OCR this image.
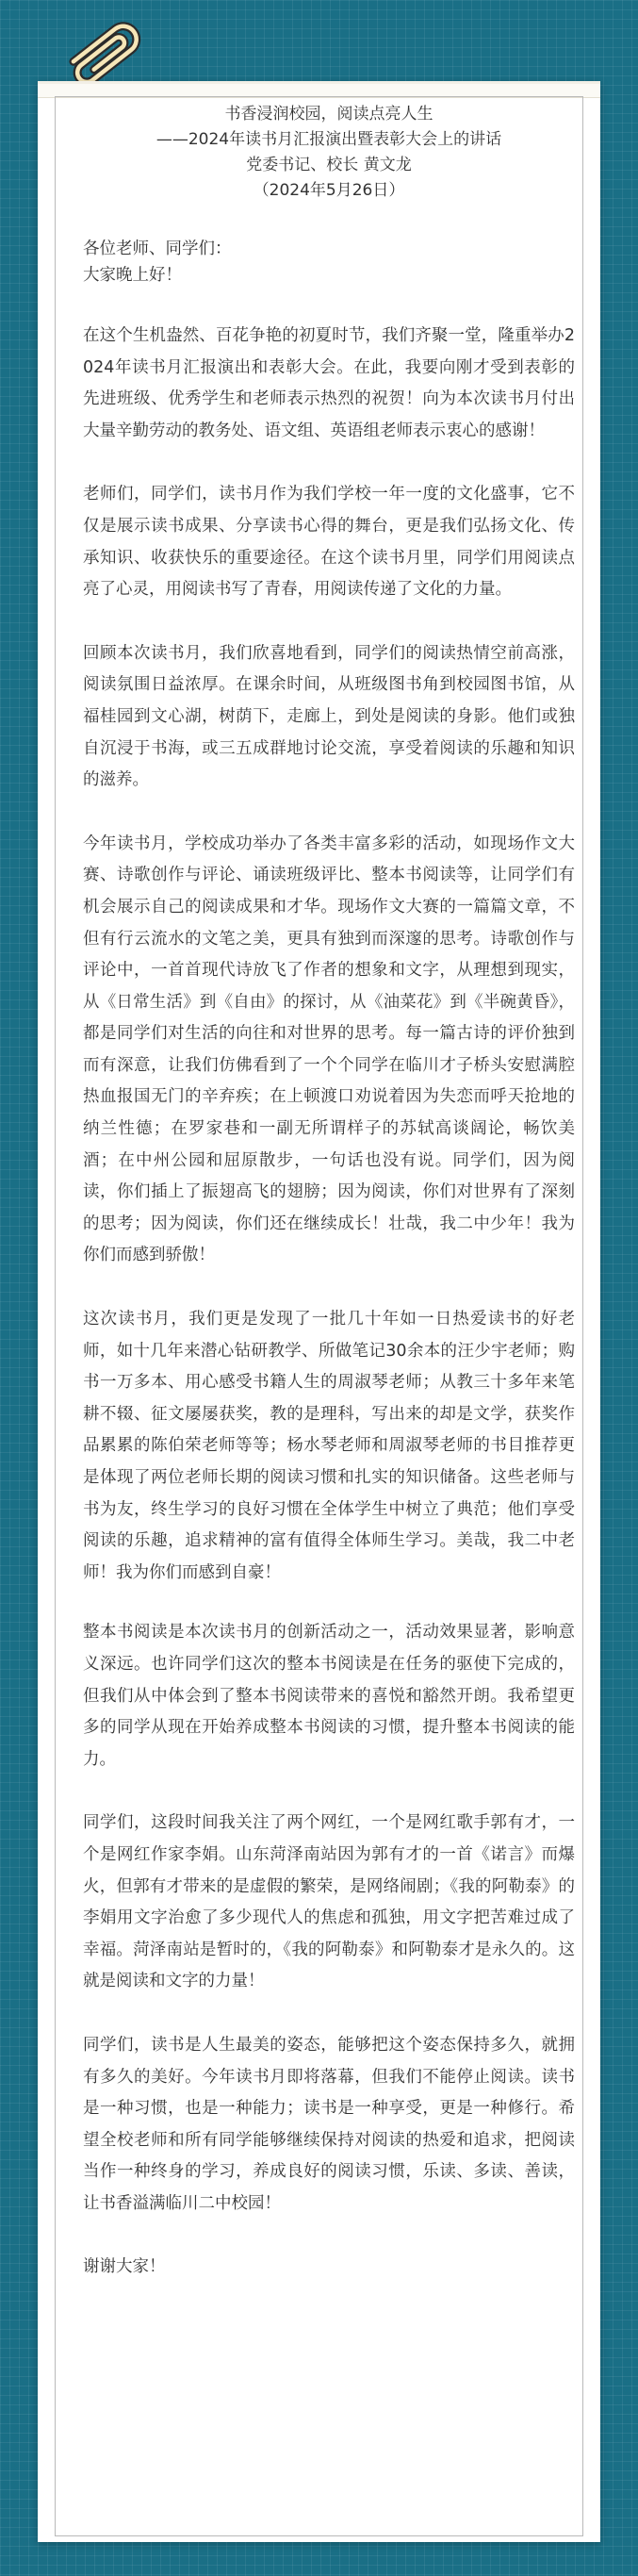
书香浸润校园，阅读点亮人生
——2024年读书月汇报演出暨表彰大会上的讲话
党委书记、校长 黄文龙
（2024年5月26日）
各位老师、同学们：
大家晚上好！

在这个生机盎然、百花争艳的初夏时节，我们齐聚一堂，隆重举办2024年读书月汇报演出和表彰大会。在此，我要向刚才受到表彰的先进班级、优秀学生和老师表示热烈的祝贺！向为本次读书月付出大量辛勤劳动的教务处、语文组、英语组老师表示衷心的感谢！

老师们，同学们，读书月作为我们学校一年一度的文化盛事，它不仅是展示读书成果、分享读书心得的舞台，更是我们弘扬文化、传承知识、收获快乐的重要途径。在这个读书月里，同学们用阅读点亮了心灵，用阅读书写了青春，用阅读传递了文化的力量。

回顾本次读书月，我们欣喜地看到，同学们的阅读热情空前高涨，阅读氛围日益浓厚。在课余时间，从班级图书角到校园图书馆，从福桂园到文心湖，树荫下，走廊上，到处是阅读的身影。他们或独自沉浸于书海，或三五成群地讨论交流，享受着阅读的乐趣和知识的滋养。

今年读书月，学校成功举办了各类丰富多彩的活动，如现场作文大赛、诗歌创作与评论、诵读班级评比、整本书阅读等，让同学们有机会展示自己的阅读成果和才华。现场作文大赛的一篇篇文章，不但有行云流水的文笔之美，更具有独到而深邃的思考。诗歌创作与评论中，一首首现代诗放飞了作者的想象和文字，从理想到现实，从《日常生活》到《自由》的探讨，从《油菜花》到《半碗黄昏》，都是同学们对生活的向往和对世界的思考。每一篇古诗的评价独到而有深意，让我们仿佛看到了一个个同学在临川才子桥头安慰满腔热血报国无门的辛弃疾；在上顿渡口劝说着因为失恋而呼天抢地的纳兰性德；在罗家巷和一副无所谓样子的苏轼高谈阔论，畅饮美酒；在中州公园和屈原散步，一句话也没有说。同学们，因为阅读，你们插上了振翅高飞的翅膀；因为阅读，你们对世界有了深刻的思考；因为阅读，你们还在继续成长！壮哉，我二中少年！我为你们而感到骄傲！

这次读书月，我们更是发现了一批几十年如一日热爱读书的好老师，如十几年来潜心钻研教学、所做笔记30余本的汪少宇老师；购书一万多本、用心感受书籍人生的周淑琴老师；从教三十多年来笔耕不辍、征文屡屡获奖，教的是理科，写出来的却是文学，获奖作品累累的陈伯荣老师等等；杨水琴老师和周淑琴老师的书目推荐更是体现了两位老师长期的阅读习惯和扎实的知识储备。这些老师与书为友，终生学习的良好习惯在全体学生中树立了典范；他们享受阅读的乐趣，追求精神的富有值得全体师生学习。美哉，我二中老师！我为你们而感到自豪！

整本书阅读是本次读书月的创新活动之一，活动效果显著，影响意义深远。也许同学们这次的整本书阅读是在任务的驱使下完成的，但我们从中体会到了整本书阅读带来的喜悦和豁然开朗。我希望更多的同学从现在开始养成整本书阅读的习惯，提升整本书阅读的能力。

同学们，这段时间我关注了两个网红，一个是网红歌手郭有才，一个是网红作家李娟。山东菏泽南站因为郭有才的一首《诺言》而爆火，但郭有才带来的是虚假的繁荣，是网络闹剧；《我的阿勒泰》的李娟用文字治愈了多少现代人的焦虑和孤独，用文字把苦难过成了幸福。菏泽南站是暂时的，《我的阿勒泰》和阿勒泰才是永久的。这就是阅读和文字的力量！

同学们，读书是人生最美的姿态，能够把这个姿态保持多久，就拥有多久的美好。今年读书月即将落幕，但我们不能停止阅读。读书是一种习惯，也是一种能力；读书是一种享受，更是一种修行。希望全校老师和所有同学能够继续保持对阅读的热爱和追求，把阅读当作一种终身的学习，养成良好的阅读习惯，乐读、多读、善读，让书香溢满临川二中校园！

谢谢大家！
